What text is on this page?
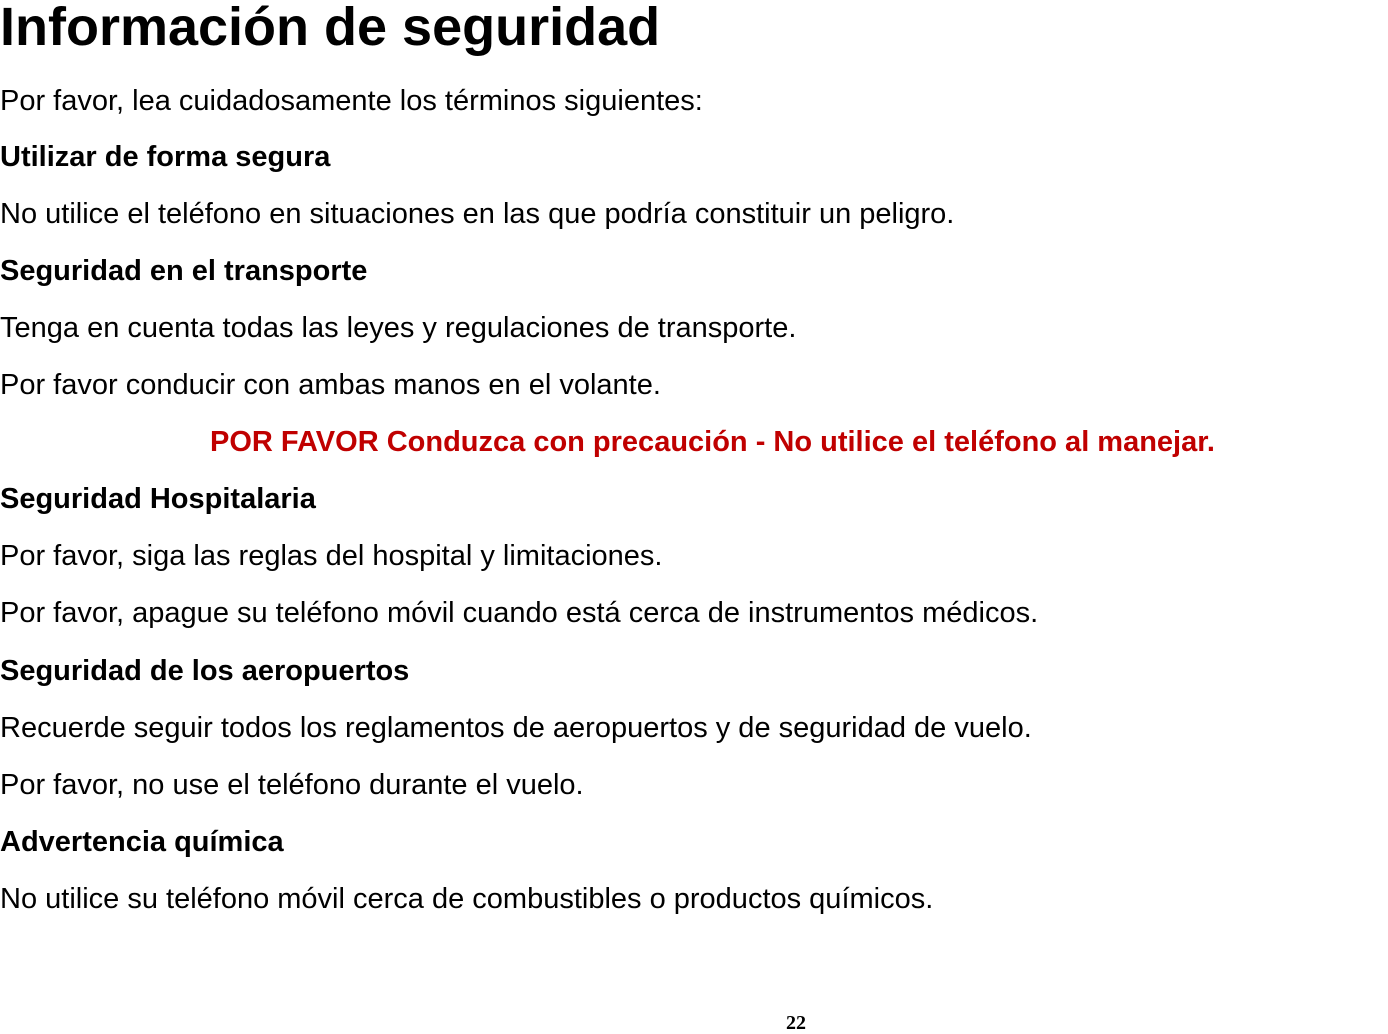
Información de seguridad

Por favor, lea cuidadosamente los términos siguientes:

Utilizar de forma segura

No utilice el teléfono en situaciones en las que podría constituir un peligro.

Seguridad en el transporte

Tenga en cuenta todas las leyes y regulaciones de transporte.

Por favor conducir con ambas manos en el volante.

POR FAVOR Conduzca con precaución - No utilice el teléfono al manejar.

Seguridad Hospitalaria

Por favor, siga las reglas del hospital y limitaciones.

Por favor, apague su teléfono móvil cuando está cerca de instrumentos médicos.

Seguridad de los aeropuertos

Recuerde seguir todos los reglamentos de aeropuertos y de seguridad de vuelo.

Por favor, no use el teléfono durante el vuelo.

Advertencia química

No utilice su teléfono móvil cerca de combustibles o productos químicos.

22
